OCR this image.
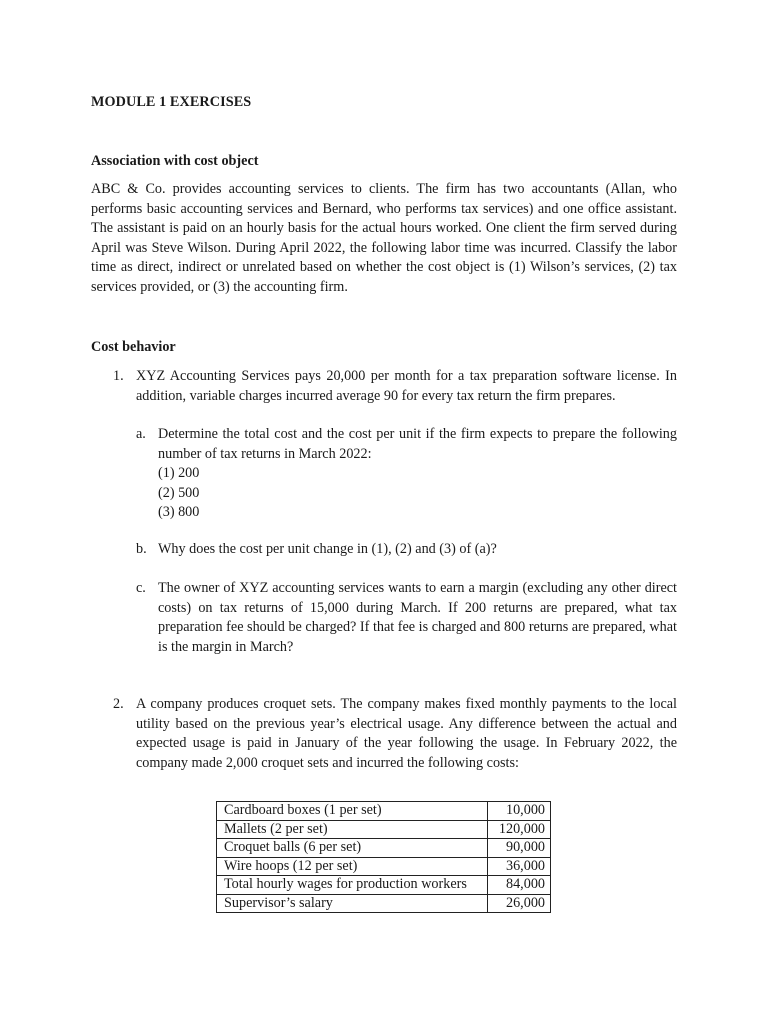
MODULE 1 EXERCISES
Association with cost object

ABC & Co. provides accounting services to clients. The firm has two accountants (Allan, who performs basic accounting services and Bernard, who performs tax services) and one office assistant. The assistant is paid on an hourly basis for the actual hours worked. One client the firm served during April was Steve Wilson. During April 2022, the following labor time was incurred. Classify the labor time as direct, indirect or unrelated based on whether the cost object is (1) Wilson’s services, (2) tax services provided, or (3) the accounting firm.

Cost behavior
1. XYZ Accounting Services pays 20,000 per month for a tax preparation software license. In addition, variable charges incurred average 90 for every tax return the firm prepares.

a. Determine the total cost and the cost per unit if the firm expects to prepare the following number of tax returns in March 2022:

(1) 200
(2) 500
(3) 800
b. Why does the cost per unit change in (1), (2) and (3) of (a)?

c. The owner of XYZ accounting services wants to earn a margin (excluding any other direct costs) on tax returns of 15,000 during March. If 200 returns are prepared, what tax preparation fee should be charged? If that fee is charged and 800 returns are prepared, what is the margin in March?

2. A company produces croquet sets. The company makes fixed monthly payments to the local utility based on the previous year’s electrical usage. Any difference between the actual and expected usage is paid in January of the year following the usage. In February 2022, the company made 2,000 croquet sets and incurred the following costs:

Cardboard boxes (1 per set)	10,000
Mallets (2 per set)	120,000
Croquet balls (6 per set)	90,000
Wire hoops (12 per set)	36,000
Total hourly wages for production workers	84,000
Supervisor’s salary	26,000
